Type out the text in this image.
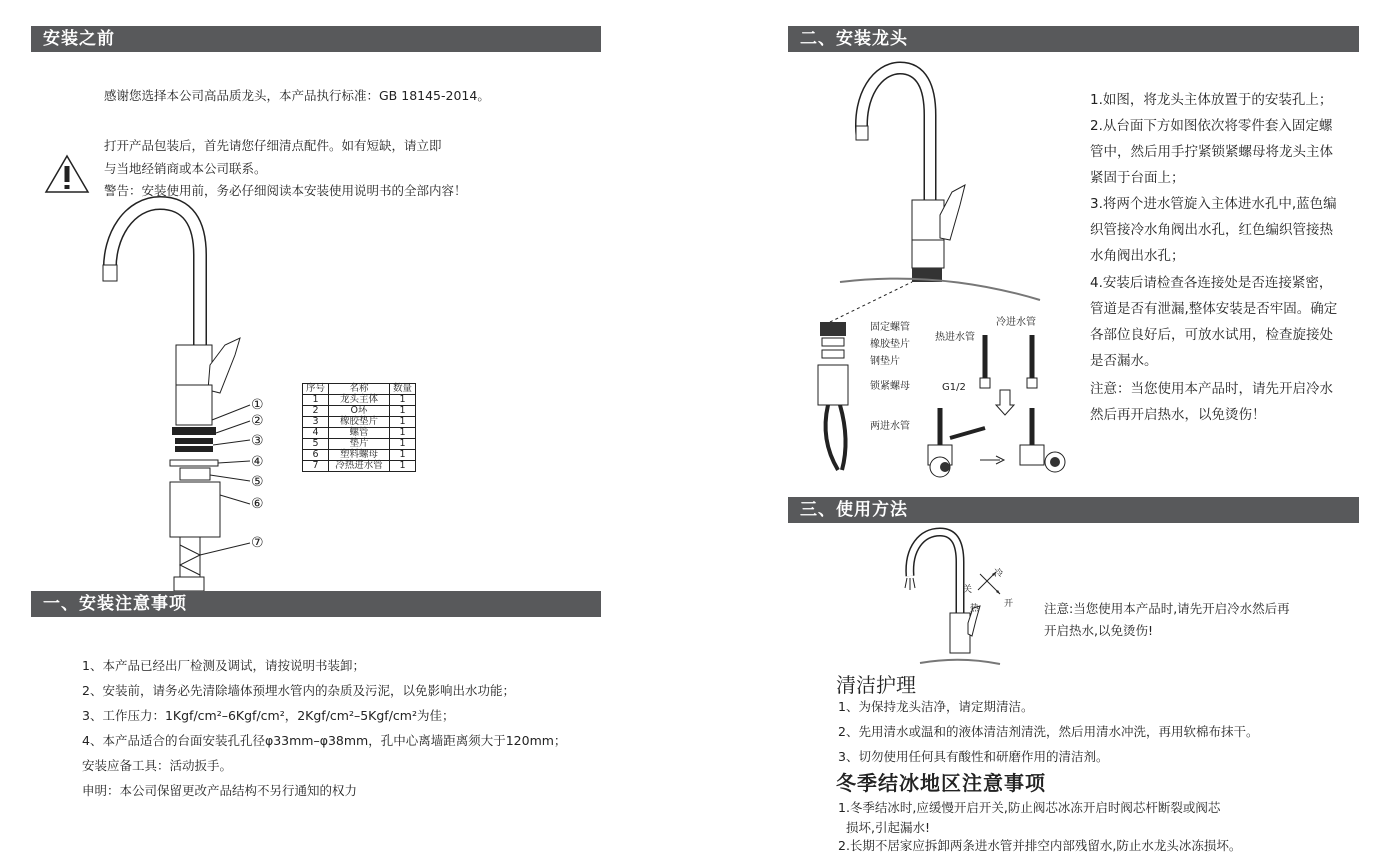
安装之前
感谢您选择本公司高品质龙头，本产品执行标准：GB 18145-2014。
打开产品包装后，首先请您仔细清点配件。如有短缺，请立即
与当地经销商或本公司联系。
警告：安装使用前，务必仔细阅读本安装使用说明书的全部内容！
①
②
③
④
⑤
⑥
⑦
序号	名称	数量
1	龙头主体	1
2	O环	1
3	橡胶垫片	1
4	螺管	1
5	垫片	1
6	塑料螺母	1
7	冷热进水管	1
一、安装注意事项
1、本产品已经出厂检测及调试，请按说明书装卸；
2、安装前，请务必先清除墙体预埋水管内的杂质及污泥，以免影响出水功能；
3、工作压力：1Kgf/cm²–6Kgf/cm²，2Kgf/cm²–5Kgf/cm²为佳；
4、本产品适合的台面安装孔孔径φ33mm–φ38mm，孔中心离墙距离须大于120mm；
安装应备工具：活动扳手。
申明：本公司保留更改产品结构不另行通知的权力
二、安装龙头
固定螺管
橡胶垫片
钢垫片
锁紧螺母
热进水管
冷进水管
G1/2
两进水管
1.如图，将龙头主体放置于的安装孔上；
2.从台面下方如图依次将零件套入固定螺
管中，然后用手拧紧锁紧螺母将龙头主体
紧固于台面上；
3.将两个进水管旋入主体进水孔中,蓝色编
织管接冷水角阀出水孔，红色编织管接热
水角阀出水孔；
4.安装后请检查各连接处是否连接紧密，
管道是否有泄漏,整体安装是否牢固。确定
各部位良好后，可放水试用，检查旋接处
是否漏水。
注意：当您使用本产品时，请先开启冷水
然后再开启热水，以免烫伤！
三、使用方法
冷
关
热	开 注意:当您使用本产品时,请先开启冷水然后再
开启热水,以免烫伤!
清洁护理
1、为保持龙头洁净，请定期清洁。
2、先用清水或温和的液体清洁剂清洗，然后用清水冲洗，再用软棉布抹干。
3、切勿使用任何具有酸性和研磨作用的清洁剂。
冬季结冰地区注意事项
1.冬季结冰时,应缓慢开启开关,防止阀芯冰冻开启时阀芯杆断裂或阀芯
损坏,引起漏水!
2.长期不居家应拆卸两条进水管并排空内部残留水,防止水龙头冰冻损坏。
